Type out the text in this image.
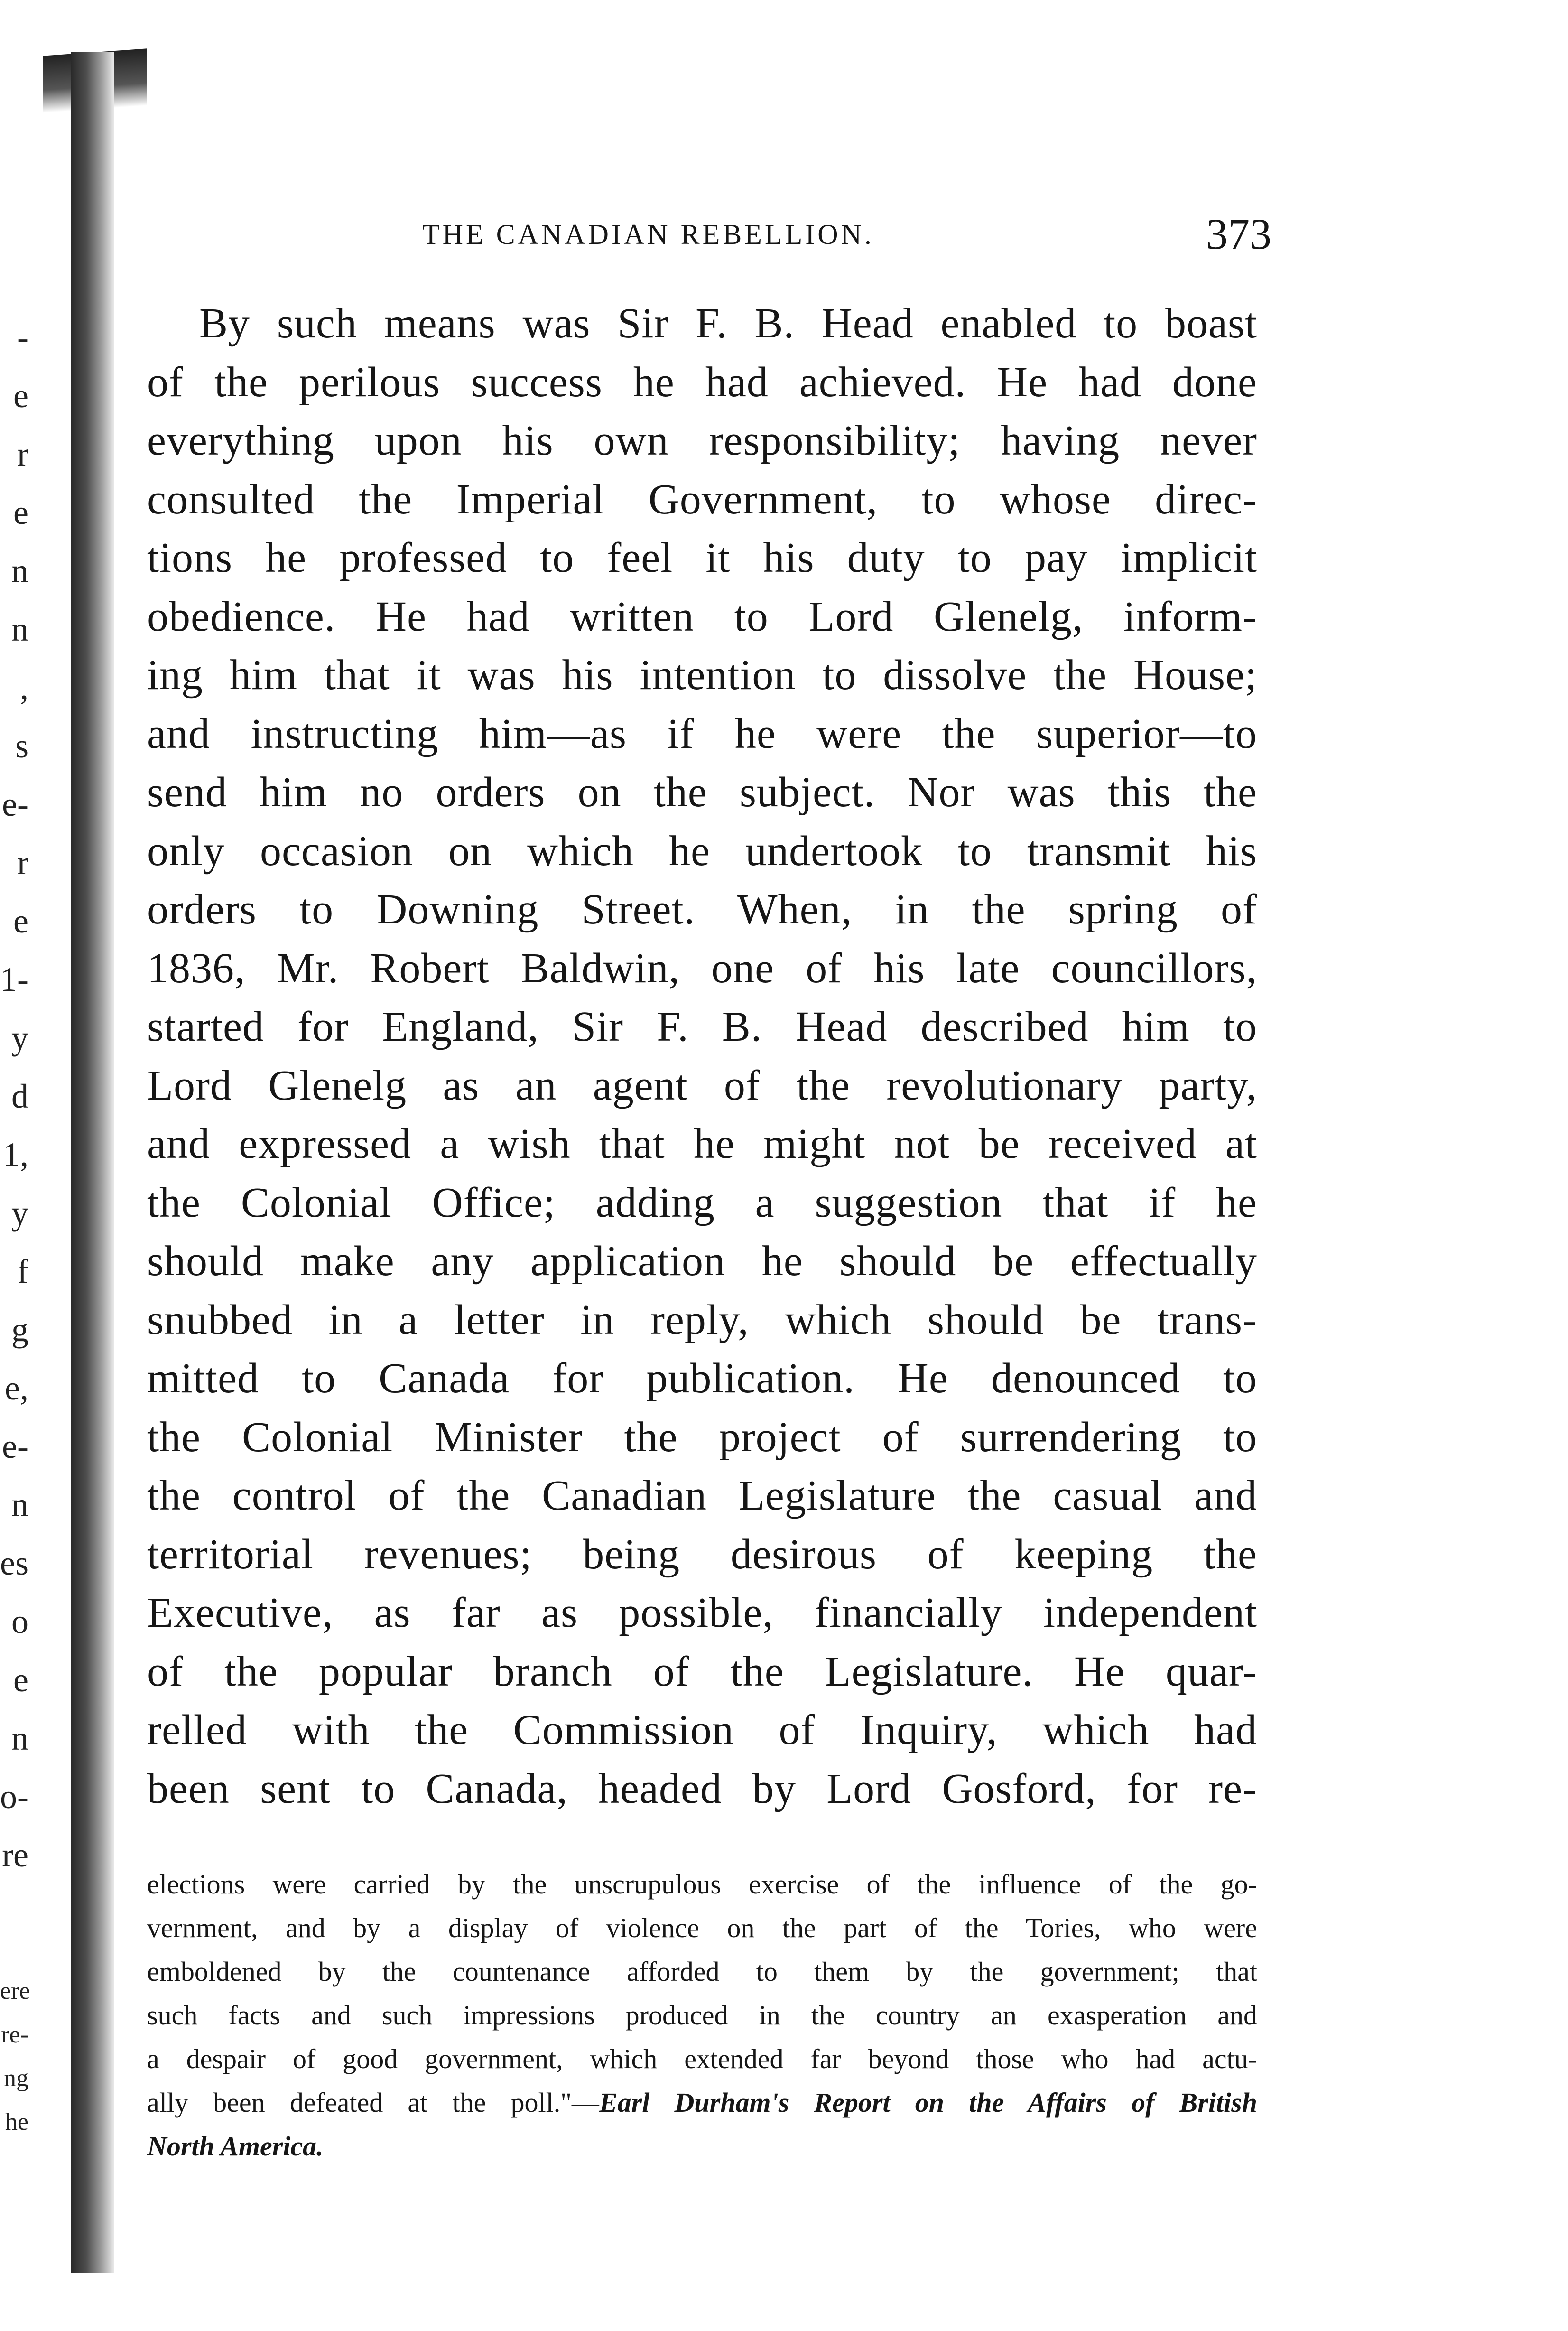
-
e
r
e
n
n
,
s
e-
r
e
1-
y
d
1,
y
f
g
e,
e-
n
es
o
e
n
o-
re
ere
re-
ng
he
THE CANADIAN REBELLION.	373
By such means was Sir F. B. Head enabled to boast
of the perilous success he had achieved. He had done
everything upon his own responsibility; having never
consulted the Imperial Government, to whose direc-
tions he professed to feel it his duty to pay implicit
obedience. He had written to Lord Glenelg, inform-
ing him that it was his intention to dissolve the House;
and instructing him—as if he were the superior—to
send him no orders on the subject. Nor was this the
only occasion on which he undertook to transmit his
orders to Downing Street. When, in the spring of
1836, Mr. Robert Baldwin, one of his late councillors,
started for England, Sir F. B. Head described him to
Lord Glenelg as an agent of the revolutionary party,
and expressed a wish that he might not be received at
the Colonial Office; adding a suggestion that if he
should make any application he should be effectually
snubbed in a letter in reply, which should be trans-
mitted to Canada for publication. He denounced to
the Colonial Minister the project of surrendering to
the control of the Canadian Legislature the casual and
territorial revenues; being desirous of keeping the
Executive, as far as possible, financially independent
of the popular branch of the Legislature. He quar-
relled with the Commission of Inquiry, which had
been sent to Canada, headed by Lord Gosford, for re-
elections were carried by the unscrupulous exercise of the influence of the go-
vernment, and by a display of violence on the part of the Tories, who were
emboldened by the countenance afforded to them by the government; that
such facts and such impressions produced in the country an exasperation and
a despair of good government, which extended far beyond those who had actu-
ally been defeated at the poll."—Earl Durham's Report on the Affairs of British
North America.
